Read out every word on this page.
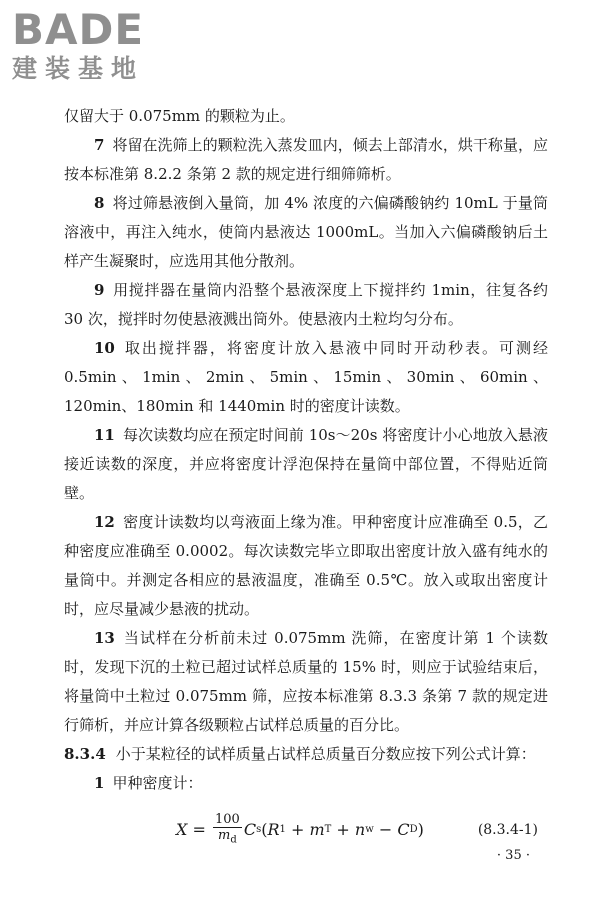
BADE
建装基地

仅留大于 0.075mm 的颗粒为止。

7 将留在洗筛上的颗粒洗入蒸发皿内，倾去上部清水，烘干称量，应按本标准第 8.2.2 条第 2 款的规定进行细筛筛析。

8 将过筛悬液倒入量筒，加 4% 浓度的六偏磷酸钠约 10mL 于量筒溶液中，再注入纯水，使筒内悬液达 1000mL。当加入六偏磷酸钠后土样产生凝聚时，应选用其他分散剂。

9 用搅拌器在量筒内沿整个悬液深度上下搅拌约 1min，往复各约 30 次，搅拌时勿使悬液溅出筒外。使悬液内土粒均匀分布。

10 取出搅拌器，将密度计放入悬液中同时开动秒表。可测经 0.5min、1min、2min、5min、15min、30min、60min、120min、180min 和 1440min 时的密度计读数。

11 每次读数均应在预定时间前 10s～20s 将密度计小心地放入悬液接近读数的深度，并应将密度计浮泡保持在量筒中部位置，不得贴近筒壁。

12 密度计读数均以弯液面上缘为准。甲种密度计应准确至 0.5，乙种密度应准确至 0.0002。每次读数完毕立即取出密度计放入盛有纯水的量筒中。并测定各相应的悬液温度，准确至 0.5℃。放入或取出密度计时，应尽量减少悬液的扰动。

13 当试样在分析前未过 0.075mm 洗筛，在密度计第 1 个读数时，发现下沉的土粒已超过试样总质量的 15% 时，则应于试验结束后，将量筒中土粒过 0.075mm 筛，应按本标准第 8.3.3 条第 7 款的规定进行筛析，并应计算各级颗粒占试样总质量的百分比。

8.3.4 小于某粒径的试样质量占试样总质量百分数应按下列公式计算：

1 甲种密度计：

X
=
$\frac{100}{m_d}$ C s ( R 1
+
m T
+
n w
−
C D )	(8.3.4-1)
· 35 ·
